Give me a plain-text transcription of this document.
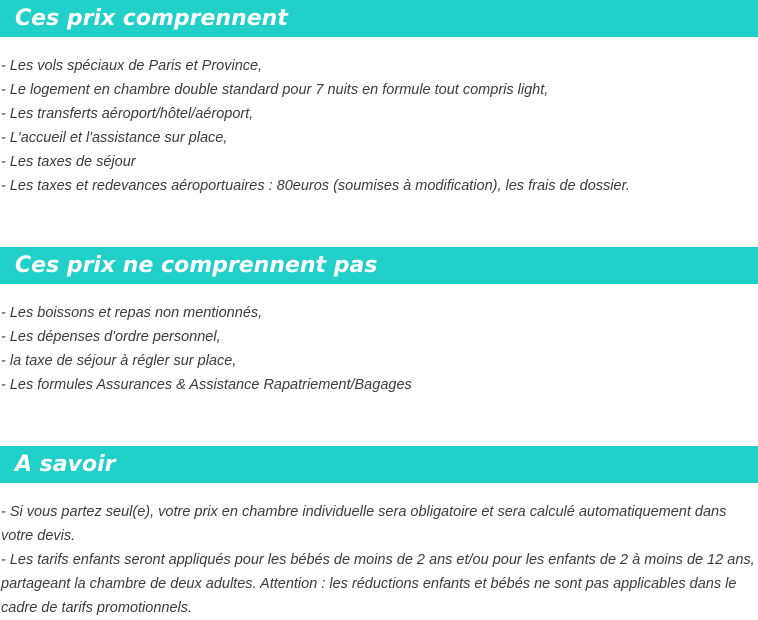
Ces prix comprennent

- Les vols spéciaux de Paris et Province,

- Le logement en chambre double standard pour 7 nuits en formule tout compris light,

- Les transferts aéroport/hôtel/aéroport,

- L'accueil et l'assistance sur place,

- Les taxes de séjour

- Les taxes et redevances aéroportuaires : 80euros (soumises à modification), les frais de dossier.

Ces prix ne comprennent pas

- Les boissons et repas non mentionnés,

- Les dépenses d'ordre personnel,

- la taxe de séjour à régler sur place,

- Les formules Assurances & Assistance Rapatriement/Bagages

A savoir

- Si vous partez seul(e), votre prix en chambre individuelle sera obligatoire et sera calculé automatiquement dans votre devis.

- Les tarifs enfants seront appliqués pour les bébés de moins de 2 ans et/ou pour les enfants de 2 à moins de 12 ans, partageant la chambre de deux adultes. Attention : les réductions enfants et bébés ne sont pas applicables dans le cadre de tarifs promotionnels.
